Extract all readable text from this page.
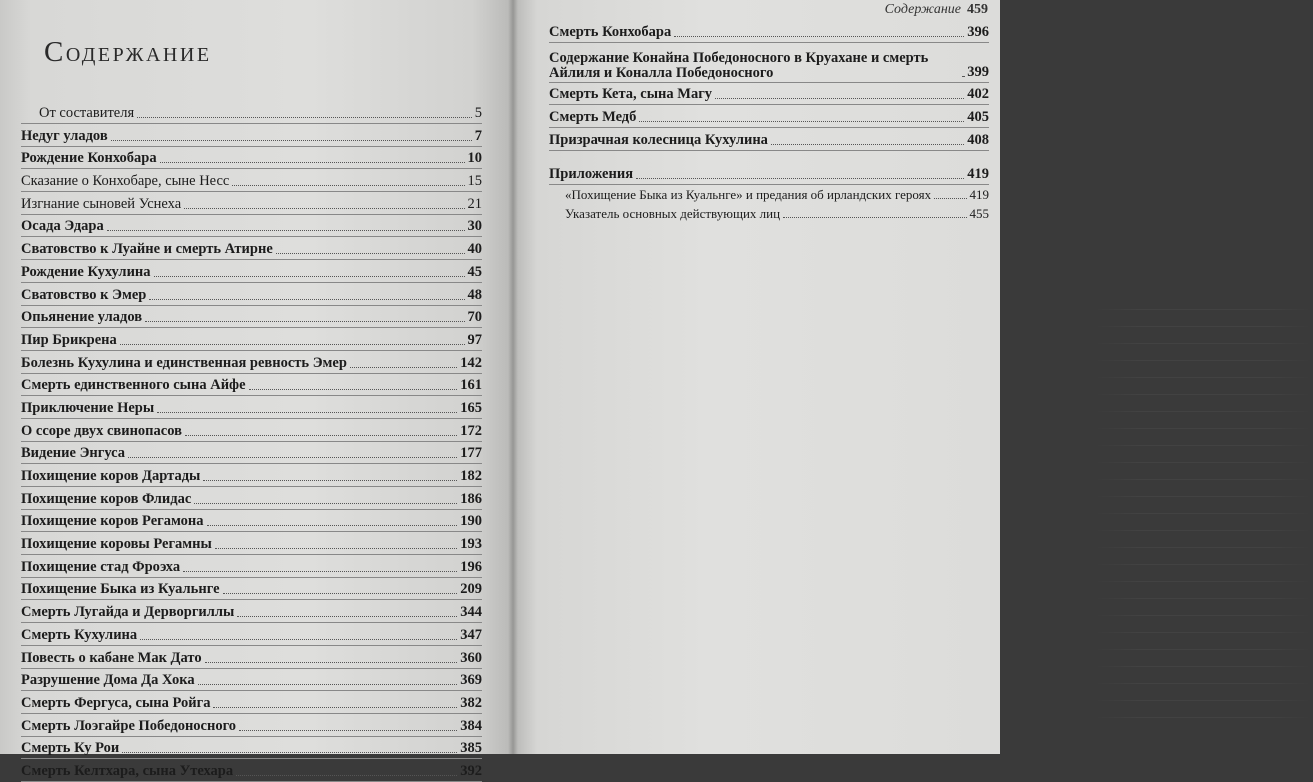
Содержание
От составителя	5
Недуг уладов	7
Рождение Конхобара	10
Сказание о Конхобаре, сыне Несс	15
Изгнание сыновей Уснеха	21
Осада Эдара	30
Сватовство к Луайне и смерть Атирне	40
Рождение Кухулина	45
Сватовство к Эмер	48
Опьянение уладов	70
Пир Брикрена	97
Болезнь Кухулина и единственная ревность Эмер	142
Смерть единственного сына Айфе	161
Приключение Неры	165
О ссоре двух свинопасов	172
Видение Энгуса	177
Похищение коров Дартады	182
Похищение коров Флидас	186
Похищение коров Регамона	190
Похищение коровы Регамны	193
Похищение стад Фроэха	196
Похищение Быка из Куальнге	209
Смерть Лугайда и Дерворгиллы	344
Смерть Кухулина	347
Повесть о кабане Мак Дато	360
Разрушение Дома Да Хока	369
Смерть Фергуса, сына Ройга	382
Смерть Лоэгайре Победоносного	384
Смерть Ку Рои	385
Смерть Келтхара, сына Утехара	392
Содержание 459
Смерть Конхобара	396
Содержание Конайна Победоносного в Круахане и смерть Айлиля и Коналла Победоносного	399
Смерть Кета, сына Магу	402
Смерть Медб	405
Призрачная колесница Кухулина	408
Приложения	419
«Похищение Быка из Куальнге» и предания об ирландских героях	419
Указатель основных действующих лиц	455
